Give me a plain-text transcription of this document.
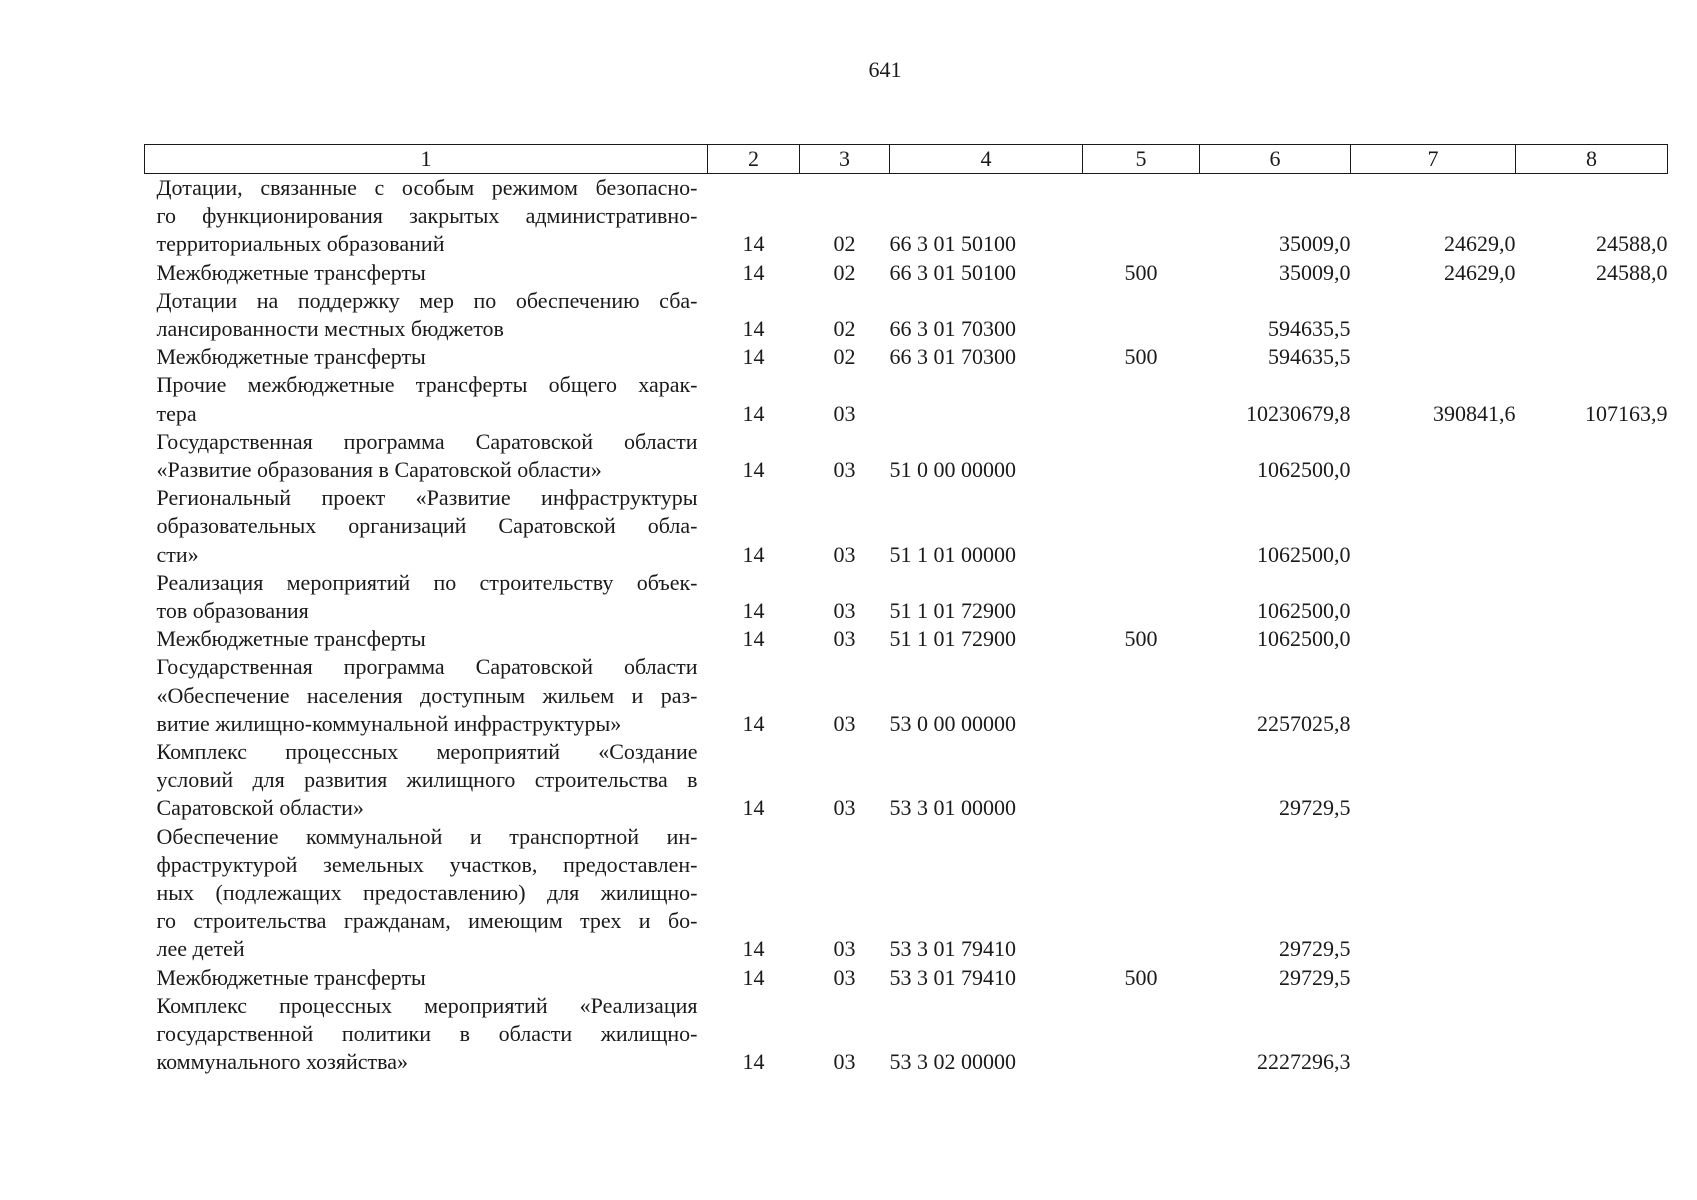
641
1	2	3	4	5	6	7	8

Дотации, связанные с особым режимом безопасно-
го функционирования закрытых административно-
территориальных образований	14	02	66 3 01 50100		35009,0	24629,0	24588,0

Межбюджетные трансферты	14	02	66 3 01 50100	500	35009,0	24629,0	24588,0

Дотации на поддержку мер по обеспечению сба-
лансированности местных бюджетов	14	02	66 3 01 70300		594635,5		

Межбюджетные трансферты	14	02	66 3 01 70300	500	594635,5		

Прочие межбюджетные трансферты общего харак-
тера	14	03			10230679,8	390841,6	107163,9

Государственная программа Саратовской области
«Развитие образования в Саратовской области»	14	03	51 0 00 00000		1062500,0		

Региональный проект «Развитие инфраструктуры
образовательных организаций Саратовской обла-
сти»	14	03	51 1 01 00000		1062500,0		

Реализация мероприятий по строительству объек-
тов образования	14	03	51 1 01 72900		1062500,0		

Межбюджетные трансферты	14	03	51 1 01 72900	500	1062500,0		

Государственная программа Саратовской области
«Обеспечение населения доступным жильем и раз-
витие жилищно-коммунальной инфраструктуры»	14	03	53 0 00 00000		2257025,8		

Комплекс процессных мероприятий «Создание
условий для развития жилищного строительства в
Саратовской области»	14	03	53 3 01 00000		29729,5		

Обеспечение коммунальной и транспортной ин-
фраструктурой земельных участков, предоставлен-
ных (подлежащих предоставлению) для жилищно-
го строительства гражданам, имеющим трех и бо-
лее детей	14	03	53 3 01 79410		29729,5		

Межбюджетные трансферты	14	03	53 3 01 79410	500	29729,5		

Комплекс процессных мероприятий «Реализация
государственной политики в области жилищно-
коммунального хозяйства»	14	03	53 3 02 00000		2227296,3		
